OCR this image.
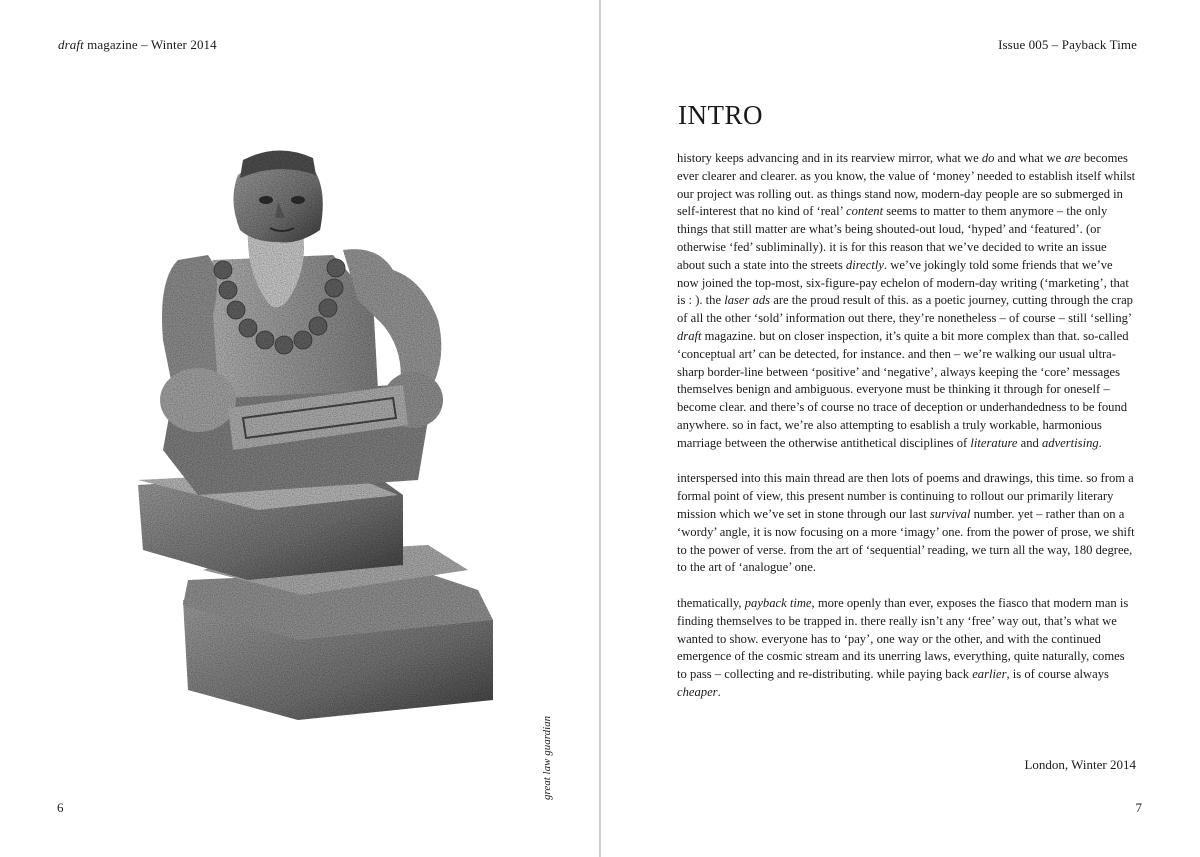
draft magazine – Winter 2014
great law guardian
6
Issue 005 – Payback Time
INTRO

history keeps advancing and in its rearview mirror, what we do and what we are becomes ever clearer and clearer. as you know, the value of ‘money’ needed to establish itself whilst our project was rolling out. as things stand now, modern-day people are so submerged in self-interest that no kind of ‘real’ content seems to matter to them anymore – the only things that still matter are what’s being shouted-out loud, ‘hyped’ and ‘featured’. (or otherwise ‘fed’ subliminally). it is for this reason that we’ve decided to write an issue about such a state into the streets directly. we’ve jokingly told some friends that we’ve now joined the top-most, six-figure-pay echelon of modern-day writing (‘marketing’, that is : ). the laser ads are the proud result of this. as a poetic journey, cutting through the crap of all the other ‘sold’ information out there, they’re nonetheless – of course – still ‘selling’ draft magazine. but on closer inspection, it’s quite a bit more complex than that. so-called ‘conceptual art’ can be detected, for instance. and then – we’re walking our usual ultra-sharp border-line between ‘positive’ and ‘negative’, always keeping the ‘core’ messages themselves benign and ambiguous. everyone must be thinking it through for oneself – become clear. and there’s of course no trace of deception or underhandedness to be found anywhere. so in fact, we’re also attempting to esablish a truly workable, harmonious marriage between the otherwise antithetical disciplines of literature and advertising.

interspersed into this main thread are then lots of poems and drawings, this time. so from a formal point of view, this present number is continuing to rollout our primarily literary mission which we’ve set in stone through our last survival number. yet – rather than on a ‘wordy’ angle, it is now focusing on a more ‘imagy’ one. from the power of prose, we shift to the power of verse. from the art of ‘sequential’ reading, we turn all the way, 180 degree, to the art of ‘analogue’ one.

thematically, payback time, more openly than ever, exposes the fiasco that modern man is finding themselves to be trapped in. there really isn’t any ‘free’ way out, that’s what we wanted to show. everyone has to ‘pay’, one way or the other, and with the continued emergence of the cosmic stream and its unerring laws, everything, quite naturally, comes to pass – collecting and re-distributing. while paying back earlier, is of course always cheaper.

London, Winter 2014
7
